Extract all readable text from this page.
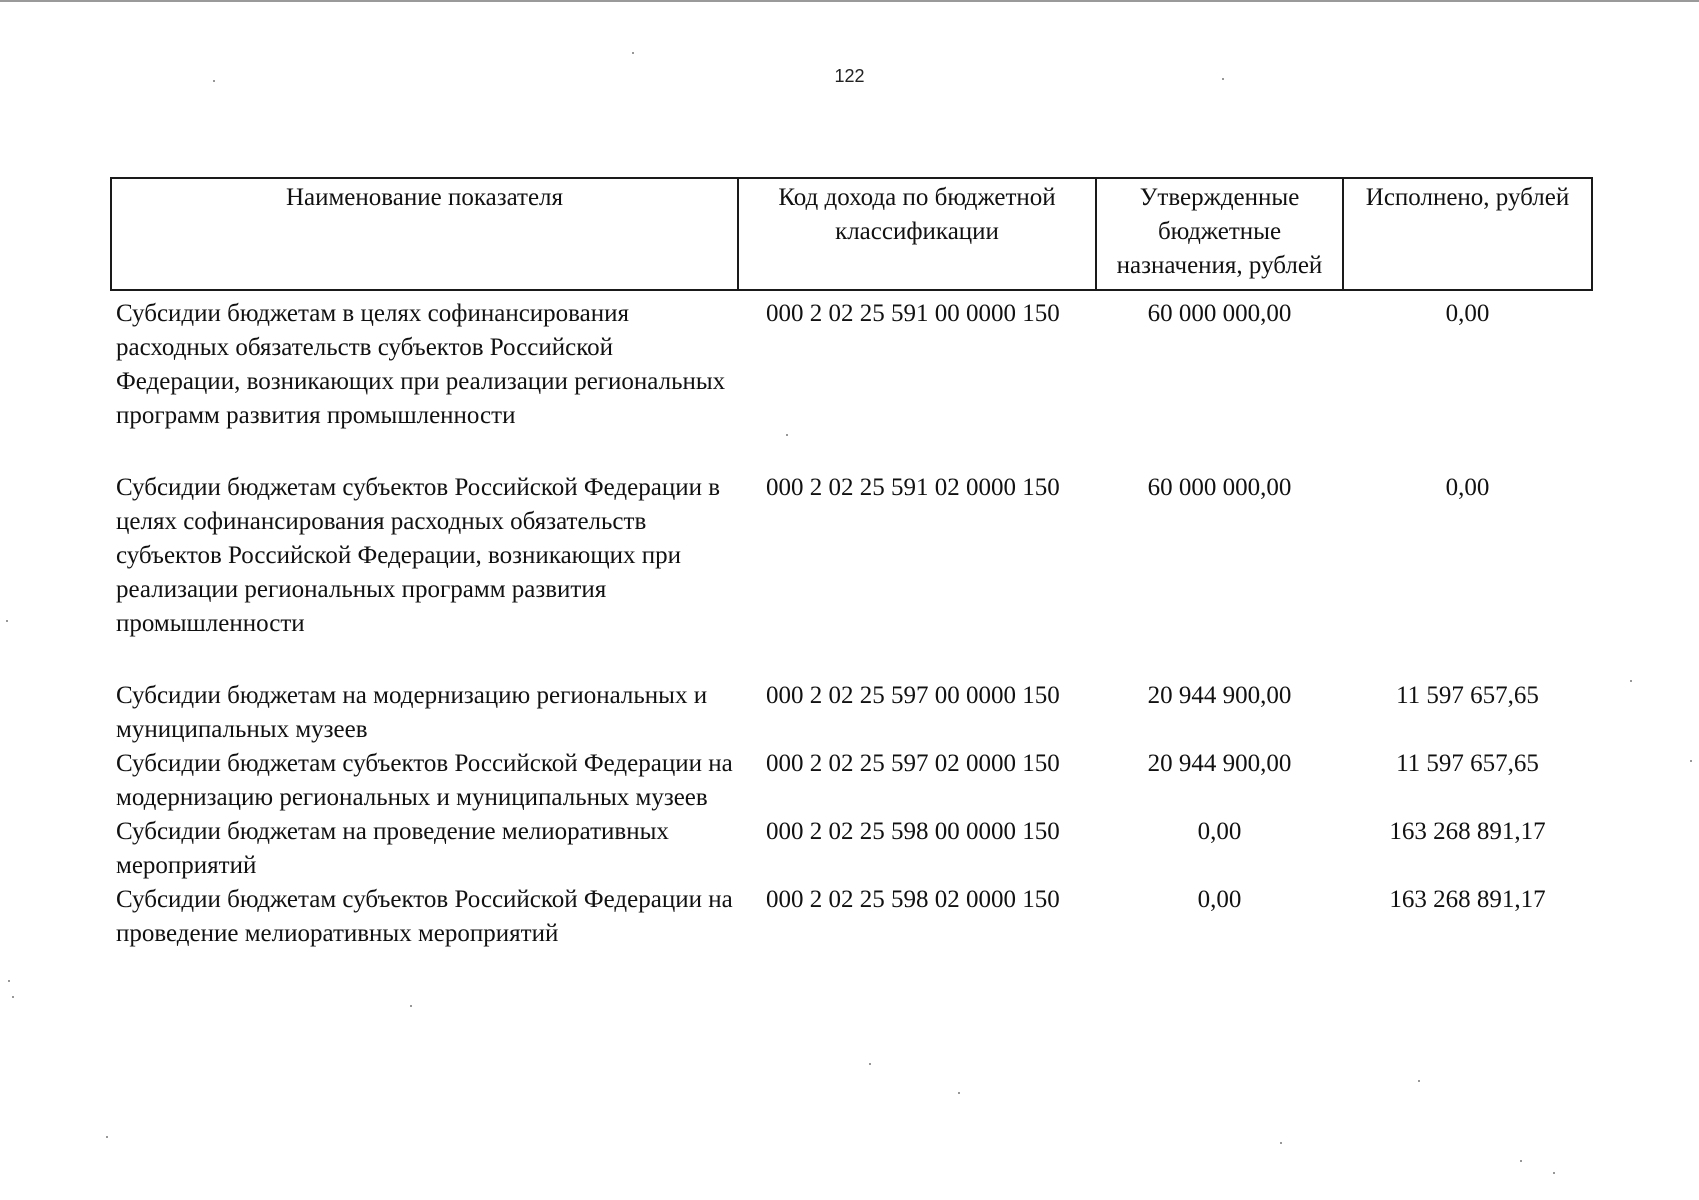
122
Наименование показателя	Код дохода по бюджетной классификации	Утвержденные бюджетные назначения, рублей	Исполнено, рублей
Субсидии бюджетам в целях софинансирования расходных обязательств субъектов Российской Федерации, возникающих при реализации региональных программ развития промышленности	000 2 02 25 591 00 0000 150	60 000 000,00	0,00
Субсидии бюджетам субъектов Российской Федерации в целях софинансирования расходных обязательств субъектов Российской Федерации, возникающих при реализации региональных программ развития промышленности	000 2 02 25 591 02 0000 150	60 000 000,00	0,00
Субсидии бюджетам на модернизацию региональных и муниципальных музеев	000 2 02 25 597 00 0000 150	20 944 900,00	11 597 657,65
Субсидии бюджетам субъектов Российской Федерации на модернизацию региональных и муниципальных музеев	000 2 02 25 597 02 0000 150	20 944 900,00	11 597 657,65
Субсидии бюджетам на проведение мелиоративных мероприятий	000 2 02 25 598 00 0000 150	0,00	163 268 891,17
Субсидии бюджетам субъектов Российской Федерации на проведение мелиоративных мероприятий	000 2 02 25 598 02 0000 150	0,00	163 268 891,17
